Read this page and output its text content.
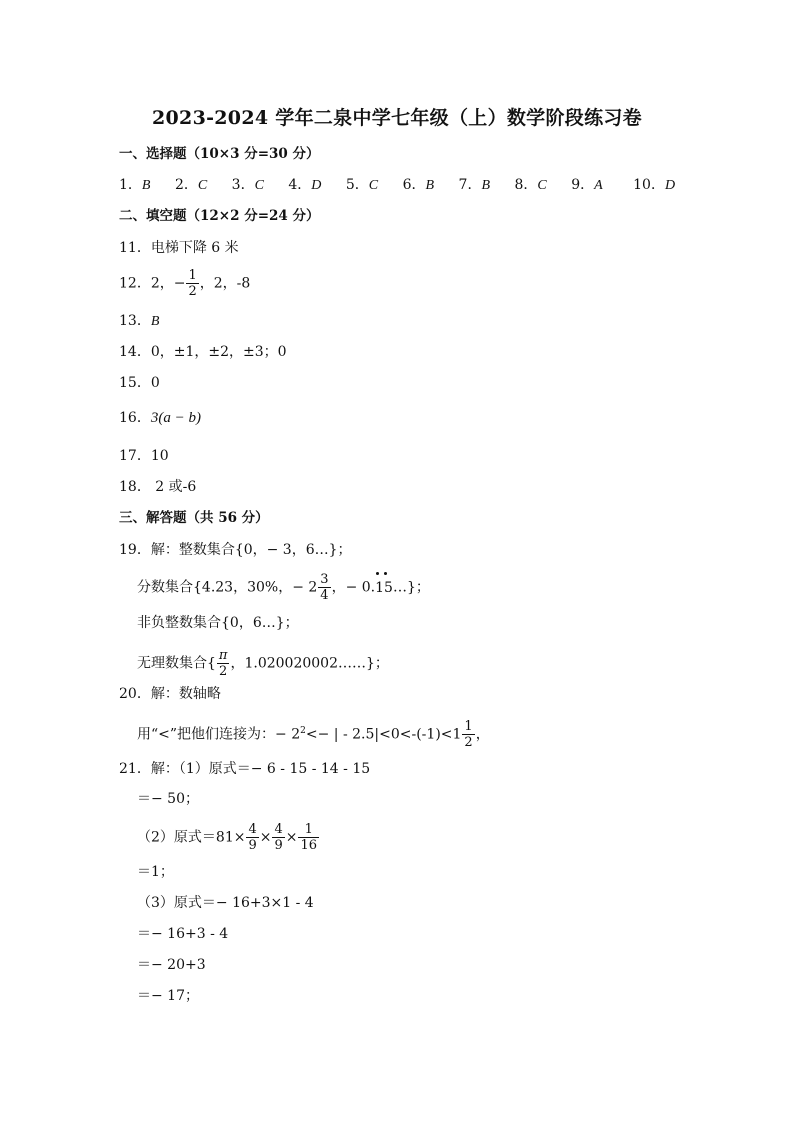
2023-2024 学年二泉中学七年级（上）数学阶段练习卷
一、选择题（10×3 分=30 分）
1．B 2．C 3．C 4．D 5．C 6．B 7．B 8．C 9．A 10．D
二、填空题（12×2 分=24 分）
11．电梯下降 6 米
12．2，− $\frac{1}{2}$ ，2，-8
13．B
14．0，±1，±2，±3；0
15．0
16．3(a − b)
17．10
18． 2 或-6
三、解答题（共 56 分）
19．解：整数集合{0，− 3，6…}；
分数集合{4.23，30%，− $2 \frac{3}{4}$ ，− 0.
15…}；
非负整数集合{0，6…}；
无理数集合{ $\frac{\pi}{2}$ ，1.020020002……}；
20．解：数轴略
用“<”把他们连接为：− $2^2<-$ | - $2.5|<0<-(-1)<1 \frac{1}{2}$ ，
21．解：（1）原式＝− 6 - 15 - 14 - 15
＝− 50；
（2）原式$=81\times \frac{4}{9} \times \frac{4}{9} \times \frac{1}{16}$
＝1；
（3）原式＝− 16+3×1 - 4
＝− 16+3 - 4
＝− 20+3
＝− 17；
